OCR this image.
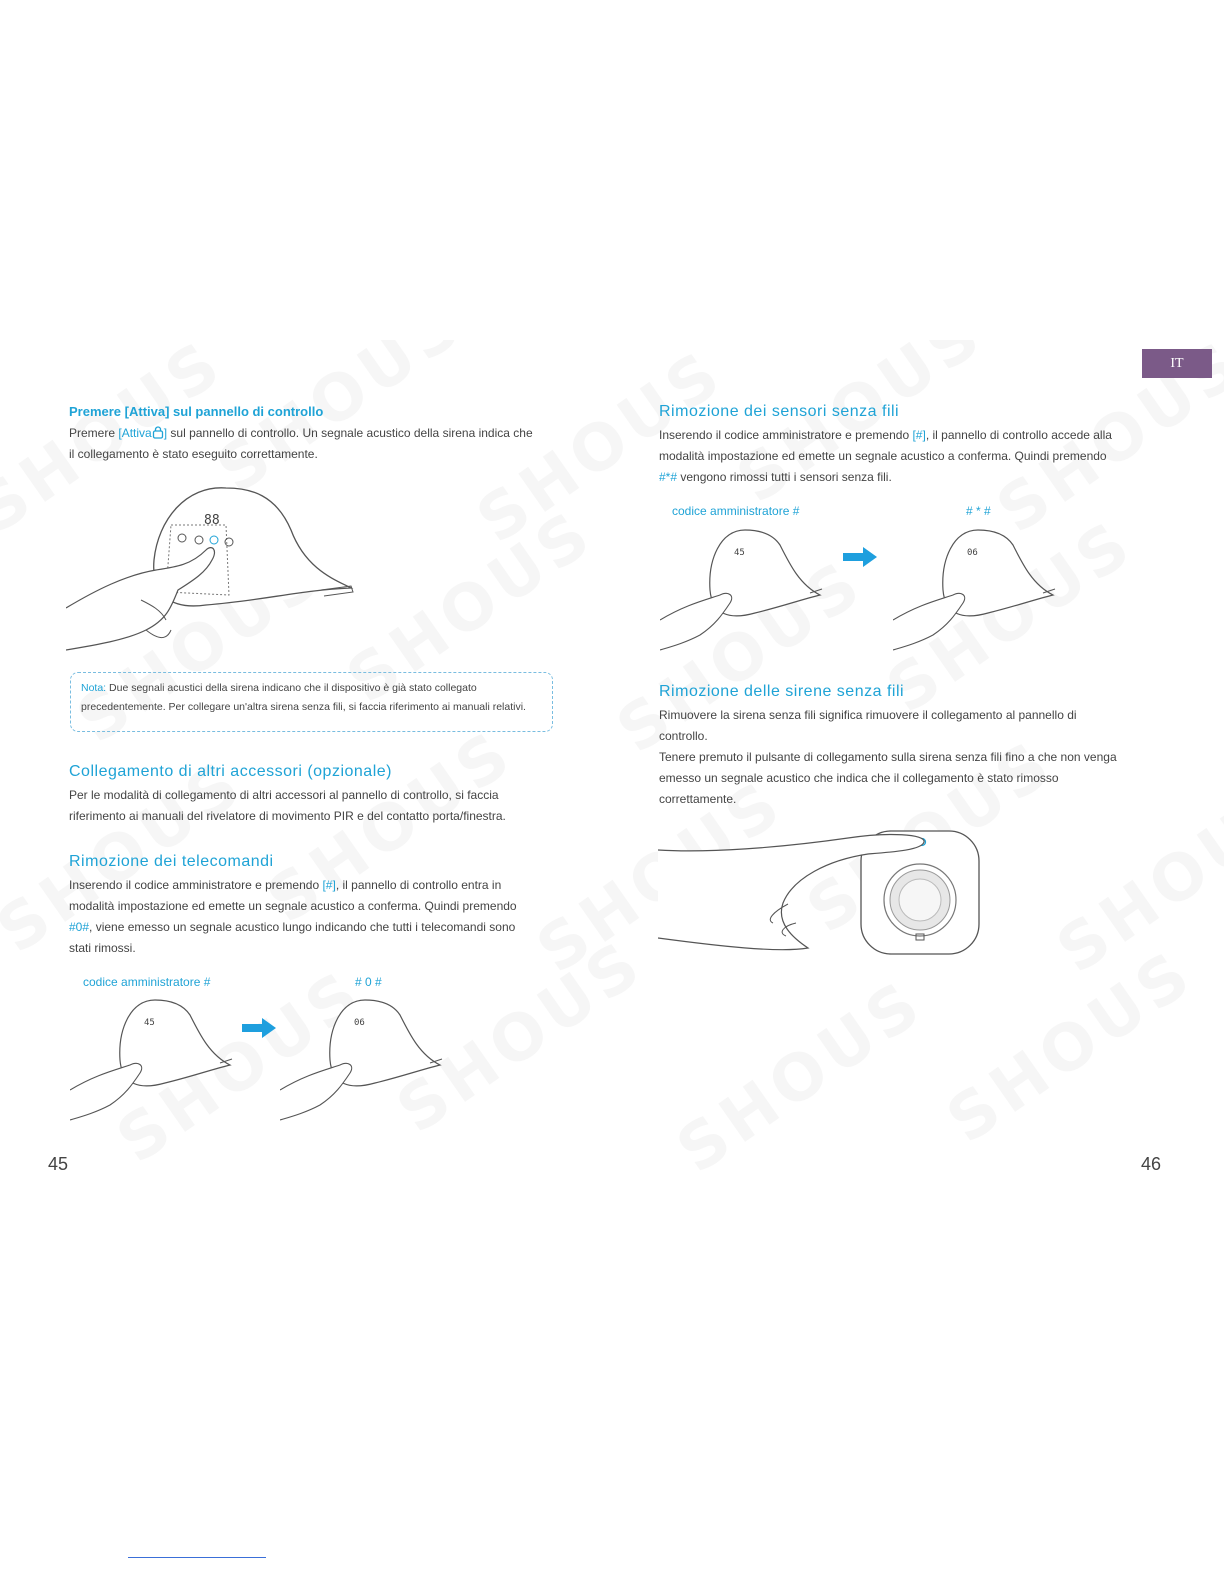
IT
Premere [Attiva] sul pannello di controllo
Premere [Attiva ] sul pannello di controllo. Un segnale acustico della sirena indica che
il collegamento è stato eseguito correttamente.
88
Nota: Due segnali acustici della sirena indicano che il dispositivo è già stato collegato
precedentemente. Per collegare un'altra sirena senza fili, si faccia riferimento ai manuali relativi.
Collegamento di altri accessori (opzionale)
Per le modalità di collegamento di altri accessori al pannello di controllo, si faccia
riferimento ai manuali del rivelatore di movimento PIR e del contatto porta/finestra.
Rimozione dei telecomandi
Inserendo il codice amministratore e premendo [#], il pannello di controllo entra in
modalità impostazione ed emette un segnale acustico a conferma. Quindi premendo
#0#, viene emesso un segnale acustico lungo indicando che tutti i telecomandi sono
stati rimossi.
codice amministratore #	# 0 #
45	06
45
Rimozione dei sensori senza fili
Inserendo il codice amministratore e premendo [#], il pannello di controllo accede alla
modalità impostazione ed emette un segnale acustico a conferma. Quindi premendo
#*# vengono rimossi tutti i sensori senza fili.
codice amministratore #	# * #
45	06
Rimozione delle sirene senza fili
Rimuovere la sirena senza fili significa rimuovere il collegamento al pannello di
controllo.
Tenere premuto il pulsante di collegamento sulla sirena senza fili fino a che non venga
emesso un segnale acustico che indica che il collegamento è stato rimosso
correttamente.
46
